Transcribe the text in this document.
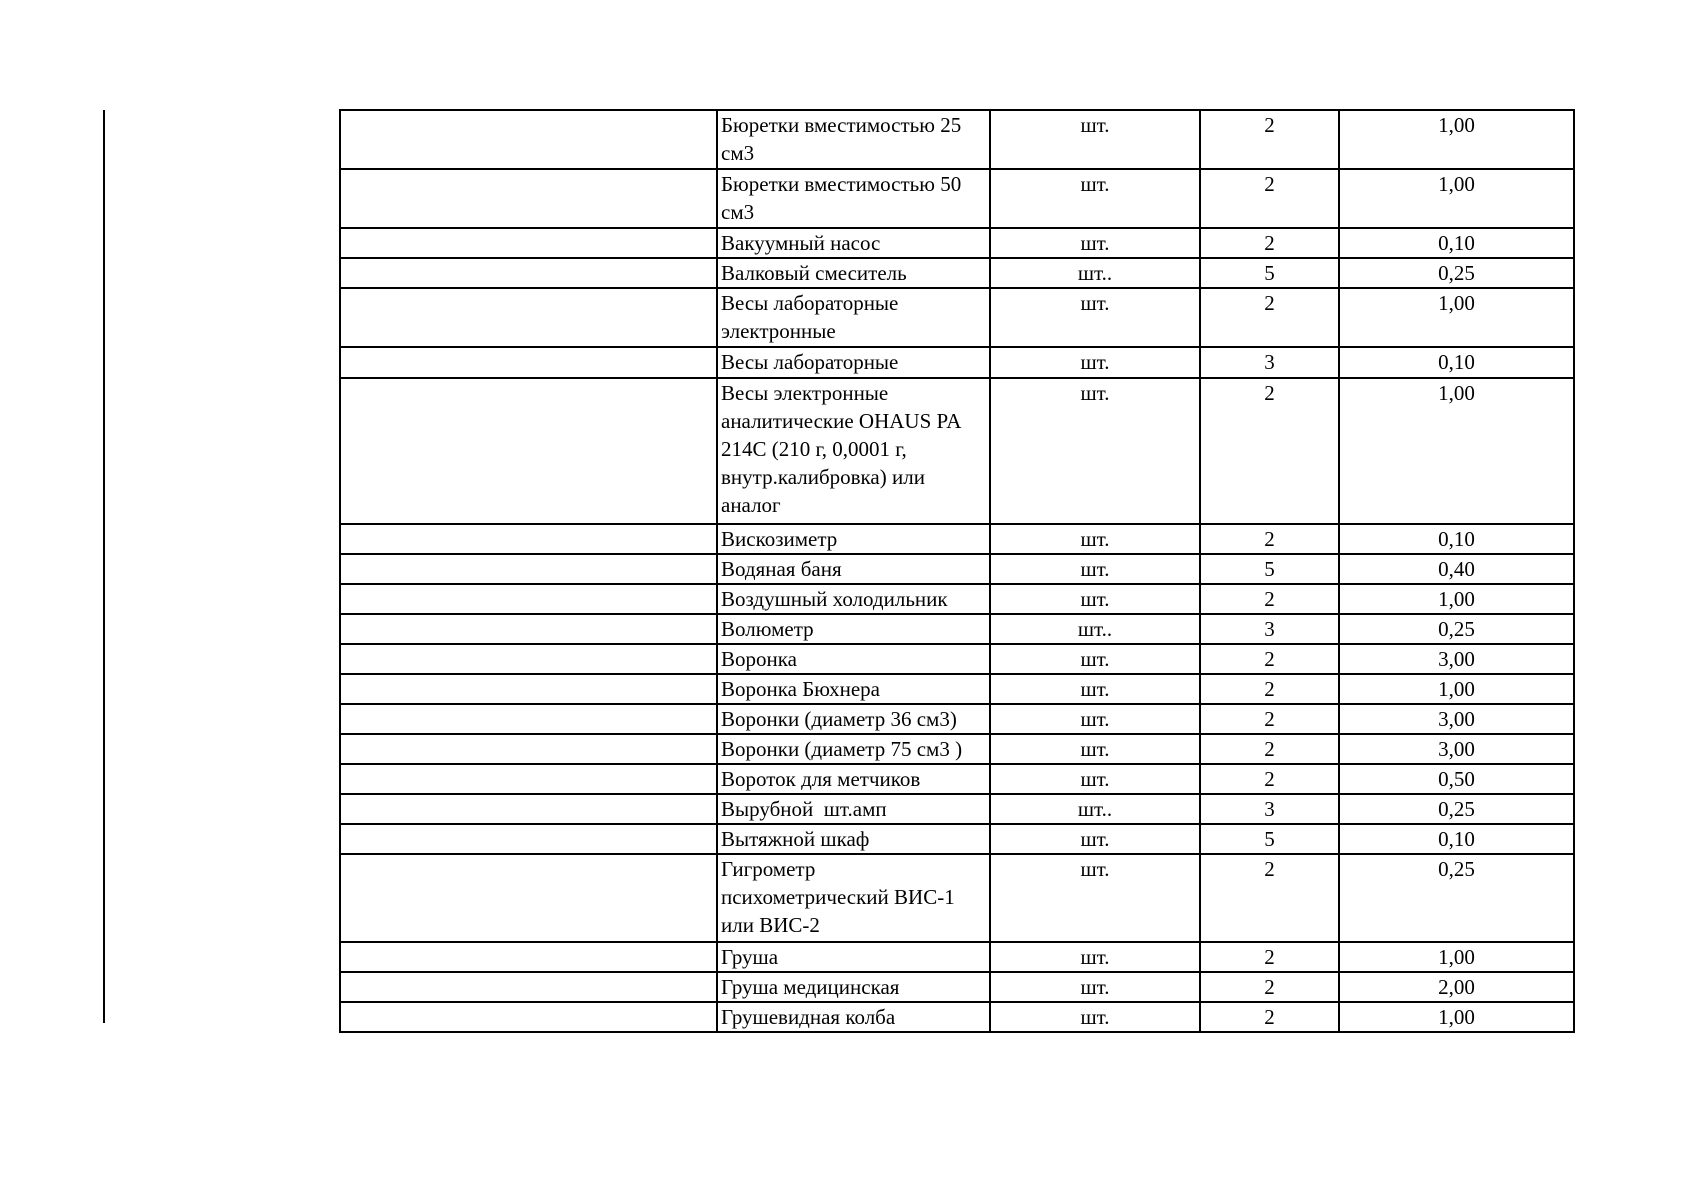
	Бюретки вместимостью 25 см3	шт.	2	1,00
	Бюретки вместимостью 50 см3	шт.	2	1,00
	Вакуумный насос	шт.	2	0,10
	Валковый смеситель	шт..	5	0,25
	Весы лабораторные электронные	шт.	2	1,00
	Весы лабораторные	шт.	3	0,10
	Весы электронные аналитические OHAUS PA 214C (210 г, 0,0001 г, внутр.калибровка) или аналог	шт.	2	1,00
	Вискозиметр	шт.	2	0,10
	Водяная баня	шт.	5	0,40
	Воздушный холодильник	шт.	2	1,00
	Волюметр	шт..	3	0,25
	Воронка	шт.	2	3,00
	Воронка Бюхнера	шт.	2	1,00
	Воронки (диаметр 36 см3)	шт.	2	3,00
	Воронки (диаметр 75 см3 )	шт.	2	3,00
	Вороток для метчиков	шт.	2	0,50
	Вырубной  шт.амп	шт..	3	0,25
	Вытяжной шкаф	шт.	5	0,10
	Гигрометр психометрический ВИС-1 или ВИС-2	шт.	2	0,25
	Груша	шт.	2	1,00
	Груша медицинская	шт.	2	2,00
	Грушевидная колба	шт.	2	1,00
